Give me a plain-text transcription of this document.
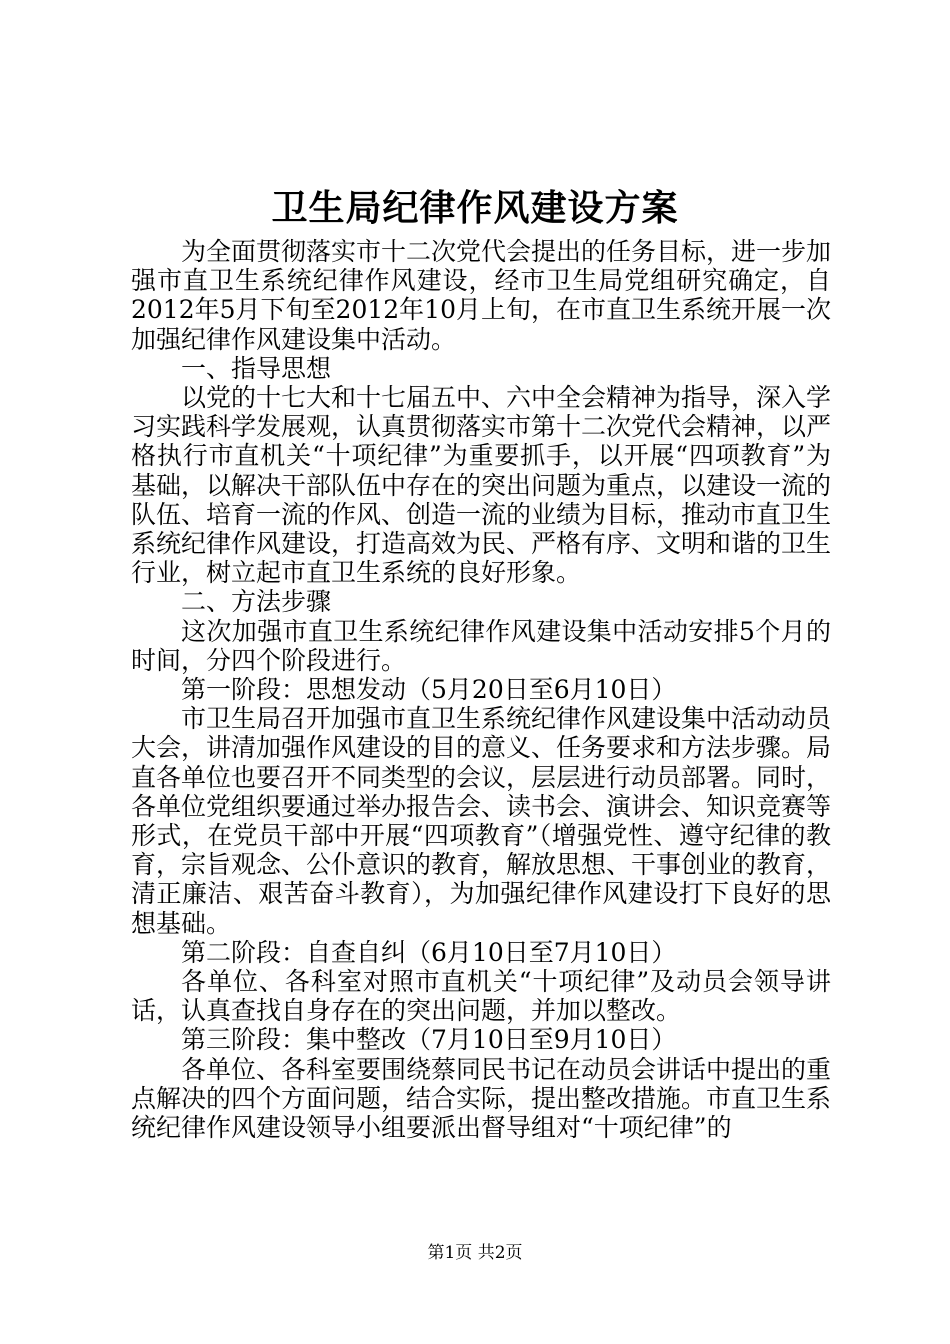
卫生局纪律作风建设方案

为全面贯彻落实市十二次党代会提出的任务目标，进一步加强市直卫生系统纪律作风建设，经市卫生局党组研究确定，自2012年5月下旬至2012年10月上旬，在市直卫生系统开展一次加强纪律作风建设集中活动。

一、指导思想

以党的十七大和十七届五中、六中全会精神为指导，深入学习实践科学发展观，认真贯彻落实市第十二次党代会精神，以严格执行市直机关“十项纪律”为重要抓手，以开展“四项教育”为基础，以解决干部队伍中存在的突出问题为重点，以建设一流的队伍、培育一流的作风、创造一流的业绩为目标，推动市直卫生系统纪律作风建设，打造高效为民、严格有序、文明和谐的卫生行业，树立起市直卫生系统的良好形象。

二、方法步骤

这次加强市直卫生系统纪律作风建设集中活动安排5个月的时间，分四个阶段进行。

第一阶段：思想发动（5月20日至6月10日）

市卫生局召开加强市直卫生系统纪律作风建设集中活动动员大会，讲清加强作风建设的目的意义、任务要求和方法步骤。局直各单位也要召开不同类型的会议，层层进行动员部署。同时，各单位党组织要通过举办报告会、读书会、演讲会、知识竞赛等形式，在党员干部中开展“四项教育”（增强党性、遵守纪律的教育，宗旨观念、公仆意识的教育，解放思想、干事创业的教育，清正廉洁、艰苦奋斗教育），为加强纪律作风建设打下良好的思想基础。

第二阶段：自查自纠（6月10日至7月10日）

各单位、各科室对照市直机关“十项纪律”及动员会领导讲话，认真查找自身存在的突出问题，并加以整改。

第三阶段：集中整改（7月10日至9月10日）

各单位、各科室要围绕蔡同民书记在动员会讲话中提出的重点解决的四个方面问题，结合实际，提出整改措施。市直卫生系统纪律作风建设领导小组要派出督导组对“十项纪律”的

第1页 共2页
